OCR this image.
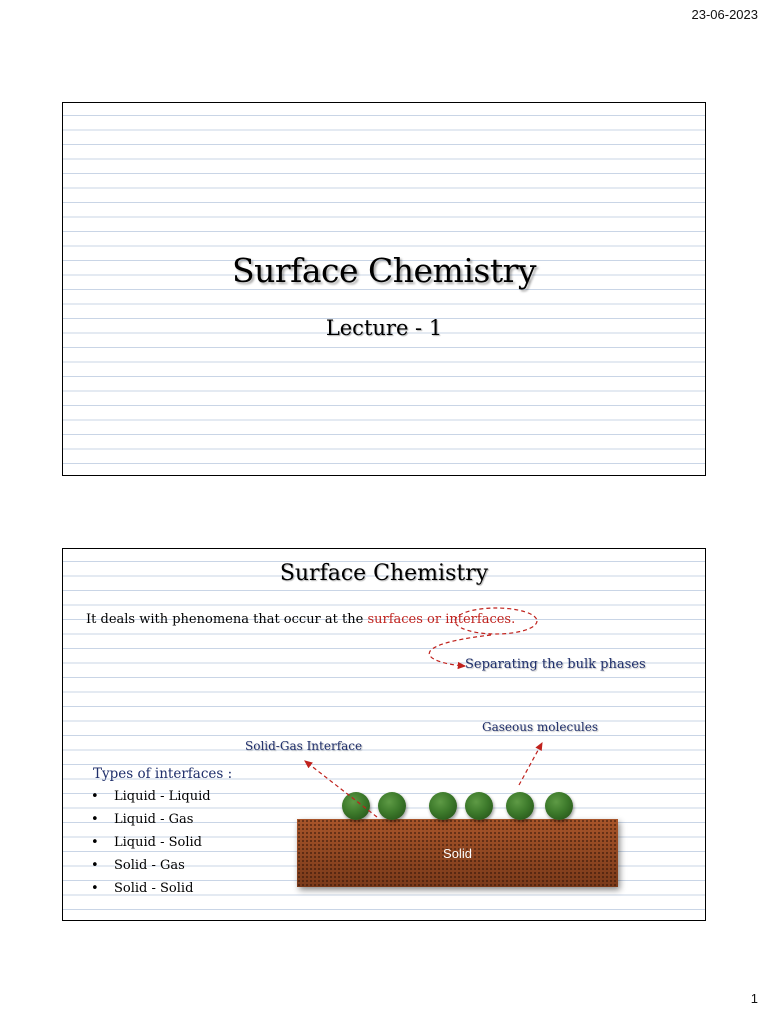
23-06-2023
Surface Chemistry
Lecture - 1
Surface Chemistry
It deals with phenomena that occur at the surfaces or interfaces.
Separating the bulk phases
Gaseous molecules
Solid-Gas Interface
Types of interfaces :
• Liquid - Liquid
• Liquid - Gas
• Liquid - Solid
• Solid - Gas
• Solid - Solid
Solid
1
